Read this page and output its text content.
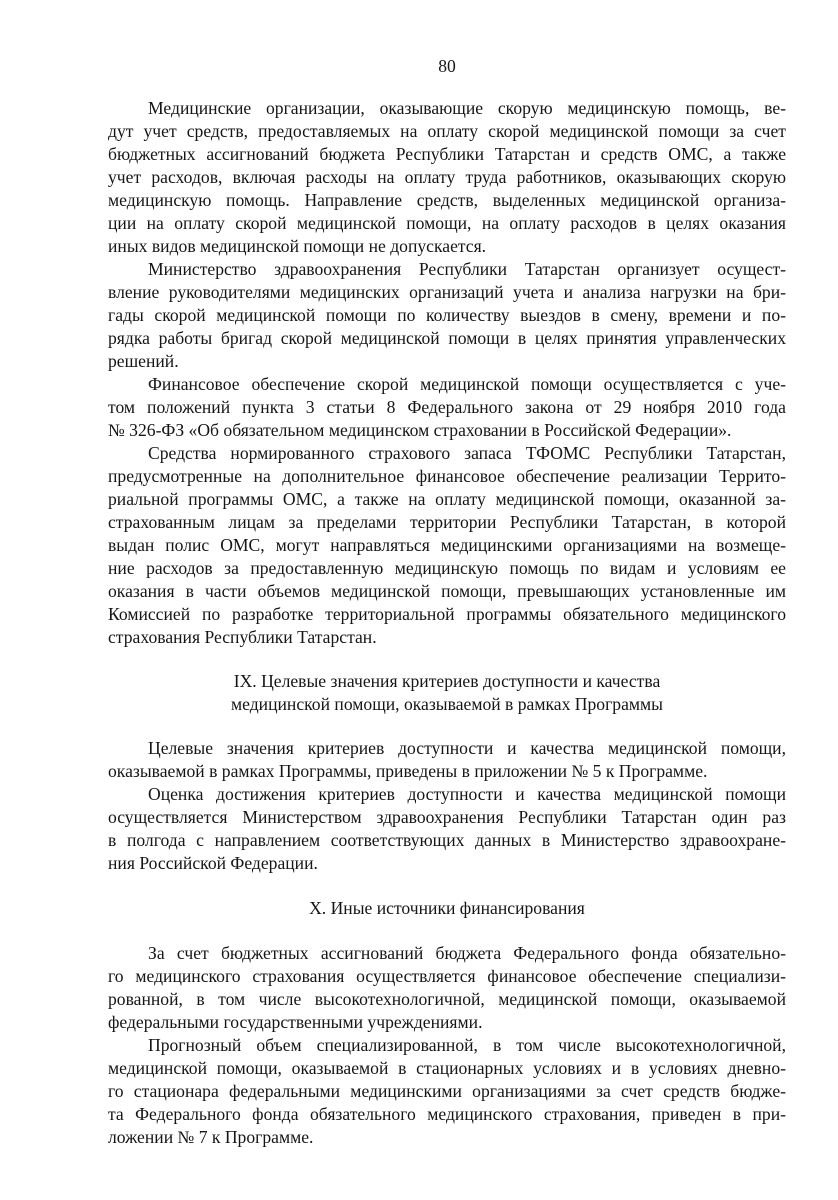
80
Медицинские организации, оказывающие скорую медицинскую помощь, ве-
дут учет средств, предоставляемых на оплату скорой медицинской помощи за счет
бюджетных ассигнований бюджета Республики Татарстан и средств ОМС, а также
учет расходов, включая расходы на оплату труда работников, оказывающих скорую
медицинскую помощь. Направление средств, выделенных медицинской организа-
ции на оплату скорой медицинской помощи, на оплату расходов в целях оказания
иных видов медицинской помощи не допускается.
Министерство здравоохранения Республики Татарстан организует осущест-
вление руководителями медицинских организаций учета и анализа нагрузки на бри-
гады скорой медицинской помощи по количеству выездов в смену, времени и по-
рядка работы бригад скорой медицинской помощи в целях принятия управленческих
решений.
Финансовое обеспечение скорой медицинской помощи осуществляется с уче-
том положений пункта 3 статьи 8 Федерального закона от 29 ноября 2010 года
№ 326-ФЗ «Об обязательном медицинском страховании в Российской Федерации».
Средства нормированного страхового запаса ТФОМС Республики Татарстан,
предусмотренные на дополнительное финансовое обеспечение реализации Террито-
риальной программы ОМС, а также на оплату медицинской помощи, оказанной за-
страхованным лицам за пределами территории Республики Татарстан, в которой
выдан полис ОМС, могут направляться медицинскими организациями на возмеще-
ние расходов за предоставленную медицинскую помощь по видам и условиям ее
оказания в части объемов медицинской помощи, превышающих установленные им
Комиссией по разработке территориальной программы обязательного медицинского
страхования Республики Татарстан.
IX. Целевые значения критериев доступности и качества
медицинской помощи, оказываемой в рамках Программы
Целевые значения критериев доступности и качества медицинской помощи,
оказываемой в рамках Программы, приведены в приложении № 5 к Программе.
Оценка достижения критериев доступности и качества медицинской помощи
осуществляется Министерством здравоохранения Республики Татарстан один раз
в полгода с направлением соответствующих данных в Министерство здравоохране-
ния Российской Федерации.
X. Иные источники финансирования
За счет бюджетных ассигнований бюджета Федерального фонда обязательно-
го медицинского страхования осуществляется финансовое обеспечение специализи-
рованной, в том числе высокотехнологичной, медицинской помощи, оказываемой
федеральными государственными учреждениями.
Прогнозный объем специализированной, в том числе высокотехнологичной,
медицинской помощи, оказываемой в стационарных условиях и в условиях дневно-
го стационара федеральными медицинскими организациями за счет средств бюдже-
та Федерального фонда обязательного медицинского страхования, приведен в при-
ложении № 7 к Программе.
